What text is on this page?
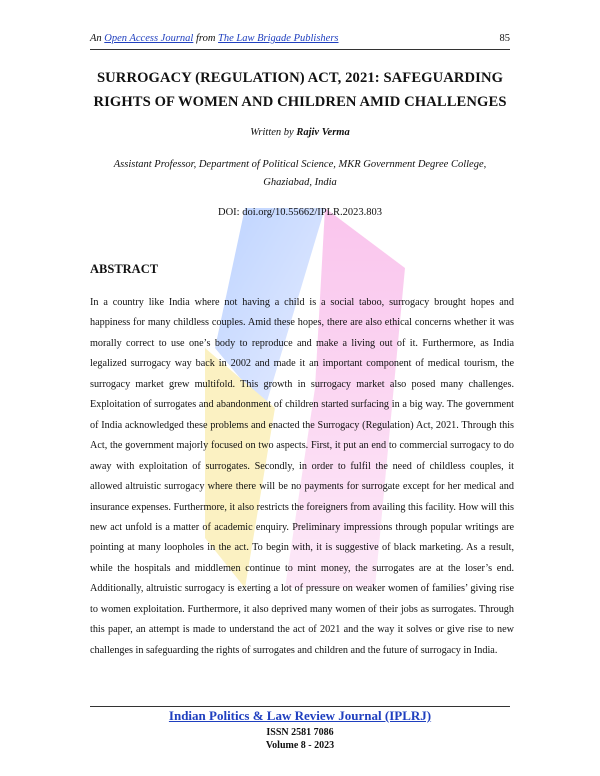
An Open Access Journal from The Law Brigade Publishers	85
SURROGACY (REGULATION) ACT, 2021: SAFEGUARDING
RIGHTS OF WOMEN AND CHILDREN AMID CHALLENGES
Written by Rajiv Verma
Assistant Professor, Department of Political Science, MKR Government Degree College,
Ghaziabad, India
DOI: doi.org/10.55662/IPLR.2023.803
ABSTRACT
In a country like India where not having a child is a social taboo, surrogacy brought hopes and happiness for many childless couples. Amid these hopes, there are also ethical concerns whether it was morally correct to use one’s body to reproduce and make a living out of it. Furthermore, as India legalized surrogacy way back in 2002 and made it an important component of medical tourism, the surrogacy market grew multifold. This growth in surrogacy market also posed many challenges. Exploitation of surrogates and abandonment of children started surfacing in a big way. The government of India acknowledged these problems and enacted the Surrogacy (Regulation) Act, 2021. Through this Act, the government majorly focused on two aspects. First, it put an end to commercial surrogacy to do away with exploitation of surrogates. Secondly, in order to fulfil the need of childless couples, it allowed altruistic surrogacy where there will be no payments for surrogate except for her medical and insurance expenses. Furthermore, it also restricts the foreigners from availing this facility. How will this new act unfold is a matter of academic enquiry. Preliminary impressions through popular writings are pointing at many loopholes in the act. To begin with, it is suggestive of black marketing. As a result, while the hospitals and middlemen continue to mint money, the surrogates are at the loser’s end. Additionally, altruistic surrogacy is exerting a lot of pressure on weaker women of families’ giving rise to women exploitation. Furthermore, it also deprived many women of their jobs as surrogates. Through this paper, an attempt is made to understand the act of 2021 and the way it solves or give rise to new challenges in safeguarding the rights of surrogates and children and the future of surrogacy in India.
Indian Politics & Law Review Journal (IPLRJ)
ISSN 2581 7086
Volume 8 - 2023
